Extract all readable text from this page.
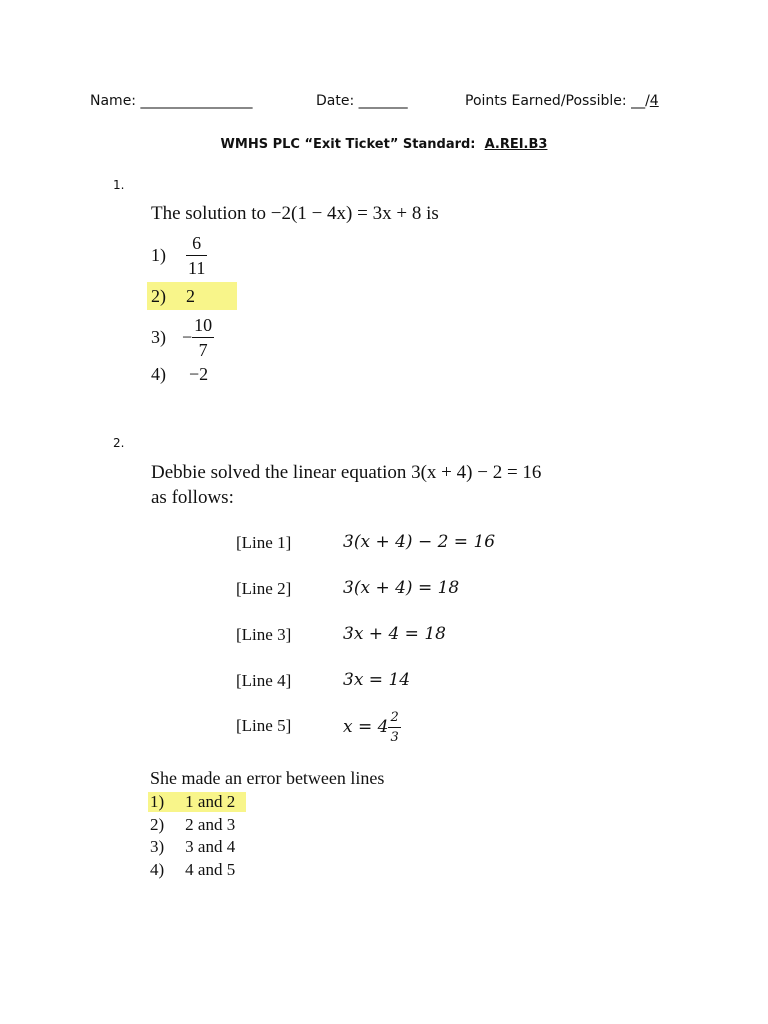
Name: ________________	Date: _______	Points Earned/Possible: __/4
WMHS PLC “Exit Ticket” Standard: A.REI.B3
1.
The solution to −2(1 − 4x) = 3x + 8 is
$1) \frac{6}{11}$
2) 2
$3) - \frac{10}{7}$
4) −2
2.
Debbie solved the linear equation 3(x + 4) − 2 = 16
as follows:
[Line 1]	3(x + 4) − 2 = 16
[Line 2]	3(x + 4) = 18
[Line 3]	3x + 4 = 18
[Line 4]	3x = 14
[Line 5]	$x = 4 \frac{2}{3}$
She made an error between lines
1) 1 and 2
2) 2 and 3
3) 3 and 4
4) 4 and 5
